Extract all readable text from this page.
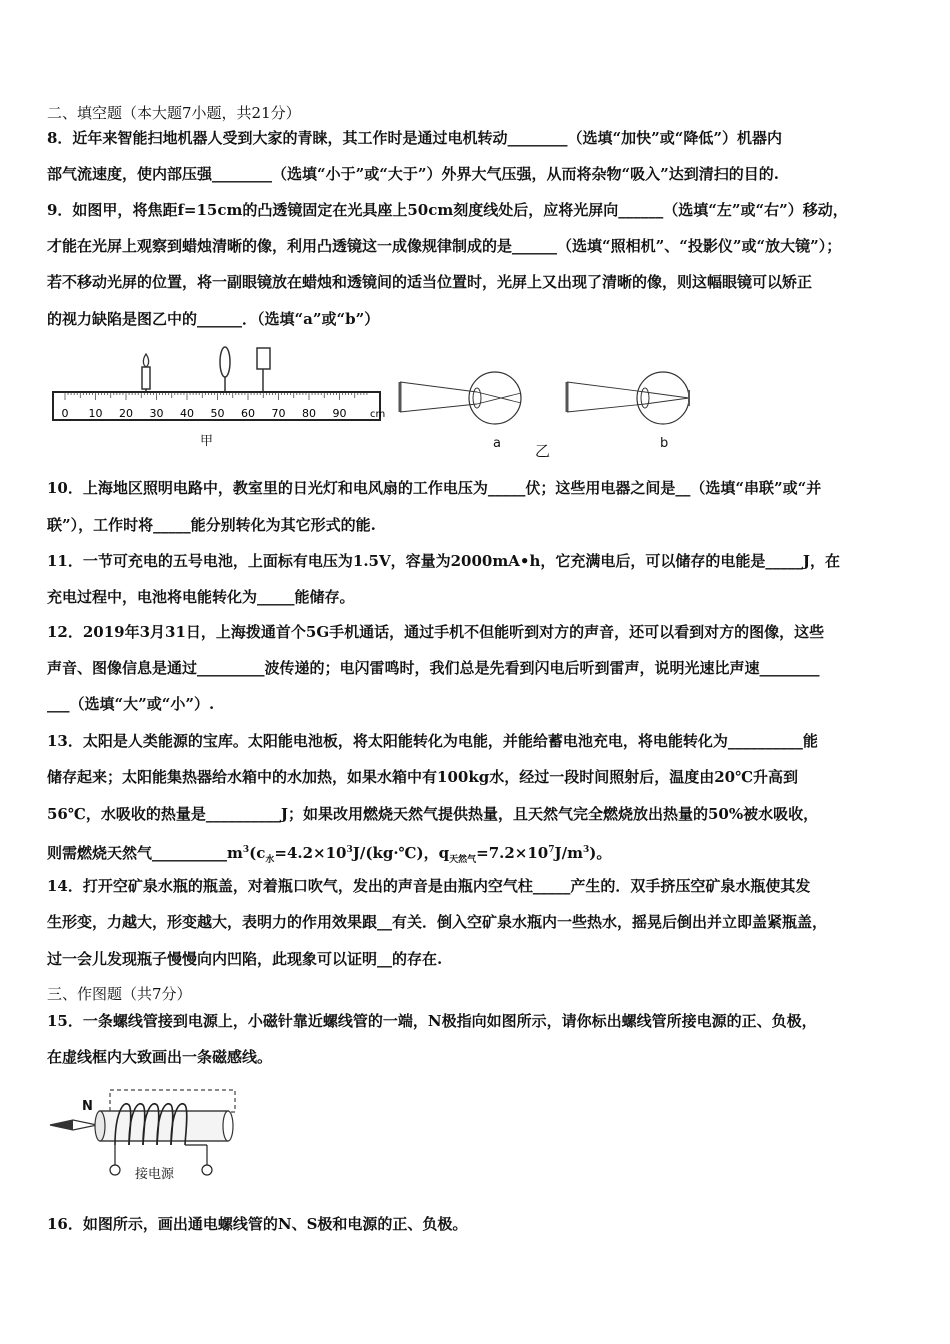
二、填空题（本大题7小题，共21分）
8．近年来智能扫地机器人受到大家的青睐，其工作时是通过电机转动________（选填“加快”或“降低”）机器内
部气流速度，使内部压强________（选填“小于”或“大于”）外界大气压强，从而将杂物“吸入”达到清扫的目的.
9．如图甲，将焦距f=15cm的凸透镜固定在光具座上50cm刻度线处后，应将光屏向______（选填“左”或“右”）移动，
才能在光屏上观察到蜡烛清晰的像，利用凸透镜这一成像规律制成的是______（选填“照相机”、“投影仪”或“放大镜”）；
若不移动光屏的位置，将一副眼镜放在蜡烛和透镜间的适当位置时，光屏上又出现了清晰的像，则这幅眼镜可以矫正
的视力缺陷是图乙中的______．（选填“a”或“b”）
0 10 20 30 40 50 60 70 80 90 cm
甲	a 乙	b
10．上海地区照明电路中，教室里的日光灯和电风扇的工作电压为_____伏；这些用电器之间是__（选填“串联”或“并
联”），工作时将_____能分别转化为其它形式的能.
11．一节可充电的五号电池，上面标有电压为1.5V，容量为2000mA•h，它充满电后，可以储存的电能是_____J，在
充电过程中，电池将电能转化为_____能储存。
12．2019年3月31日，上海拨通首个5G手机通话，通过手机不但能听到对方的声音，还可以看到对方的图像，这些
声音、图像信息是通过_________波传递的；电闪雷鸣时，我们总是先看到闪电后听到雷声，说明光速比声速________
___（选填“大”或“小”）.
13．太阳是人类能源的宝库。太阳能电池板，将太阳能转化为电能，并能给蓄电池充电，将电能转化为__________能
储存起来；太阳能集热器给水箱中的水加热，如果水箱中有100kg水，经过一段时间照射后，温度由20℃升高到
56℃，水吸收的热量是__________J；如果改用燃烧天然气提供热量，且天然气完全燃烧放出热量的50%被水吸收，
则需燃烧天然气$\_\_\_\_\_\_\_\_\_\_m^3(c_水=4.2\times 10^3J/(kg\cdot℃)$，$q_{天然气}=7.2\times 10^7J/m^3$)。
14．打开空矿泉水瓶的瓶盖，对着瓶口吹气，发出的声音是由瓶内空气柱_____产生的．双手挤压空矿泉水瓶使其发
生形变，力越大，形变越大，表明力的作用效果跟__有关．倒入空矿泉水瓶内一些热水，摇晃后倒出并立即盖紧瓶盖，
过一会儿发现瓶子慢慢向内凹陷，此现象可以证明__的存在.
三、作图题（共7分）
15．一条螺线管接到电源上，小磁针靠近螺线管的一端，N极指向如图所示，请你标出螺线管所接电源的正、负极，
在虚线框内大致画出一条磁感线。
N
接电源
16．如图所示，画出通电螺线管的N、S极和电源的正、负极。
